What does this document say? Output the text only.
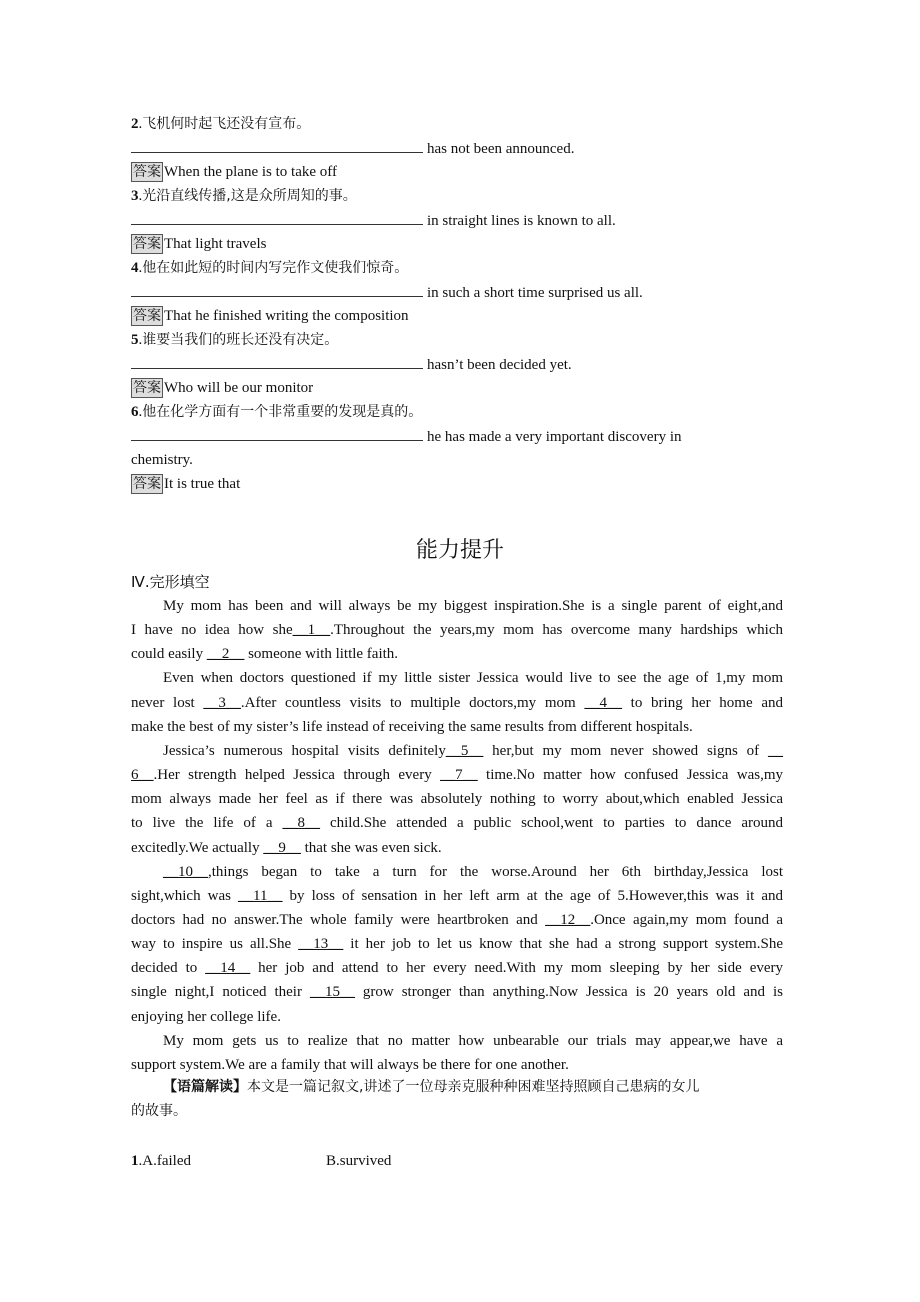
2.飞机何时起飞还没有宣布。
has not been announced.
答案 When the plane is to take off
3.光沿直线传播,这是众所周知的事。
in straight lines is known to all.
答案 That light travels
4.他在如此短的时间内写完作文使我们惊奇。
in such a short time surprised us all.
答案 That he finished writing the composition
5.谁要当我们的班长还没有决定。
hasn’t been decided yet.
答案 Who will be our monitor
6.他在化学方面有一个非常重要的发现是真的。
he has made a very important discovery in
chemistry.
答案 It is true that
能力提升
Ⅳ.完形填空
My mom has been and will always be my biggest inspiration.She is a single parent of eight,and
I have no idea how she__1__.Throughout the years,my mom has overcome many hardships which
could easily __2__ someone with little faith.
Even when doctors questioned if my little sister Jessica would live to see the age of 1,my mom
never lost __3__.After countless visits to multiple doctors,my mom __4__ to bring her home and
make the best of my sister’s life instead of receiving the same results from different hospitals.
Jessica’s numerous hospital visits definitely__5__ her,but my mom never showed signs of __
6__.Her strength helped Jessica through every __7__ time.No matter how confused Jessica was,my
mom always made her feel as if there was absolutely nothing to worry about,which enabled Jessica
to live the life of a __8__ child.She attended a public school,went to parties to dance around
excitedly.We actually __9__ that she was even sick.
__10__,things began to take a turn for the worse.Around her 6th birthday,Jessica lost
sight,which was __11__ by loss of sensation in her left arm at the age of 5.However,this was it and
doctors had no answer.The whole family were heartbroken and __12__.Once again,my mom found a
way to inspire us all.She __13__ it her job to let us know that she had a strong support system.She
decided to __14__ her job and attend to her every need.With my mom sleeping by her side every
single night,I noticed their __15__ grow stronger than anything.Now Jessica is 20 years old and is
enjoying her college life.
My mom gets us to realize that no matter how unbearable our trials may appear,we have a
support system.We are a family that will always be there for one another.
【语篇解读】本文是一篇记叙文,讲述了一位母亲克服种种困难坚持照顾自己患病的女儿
的故事。
1.A.failed	B.survived
